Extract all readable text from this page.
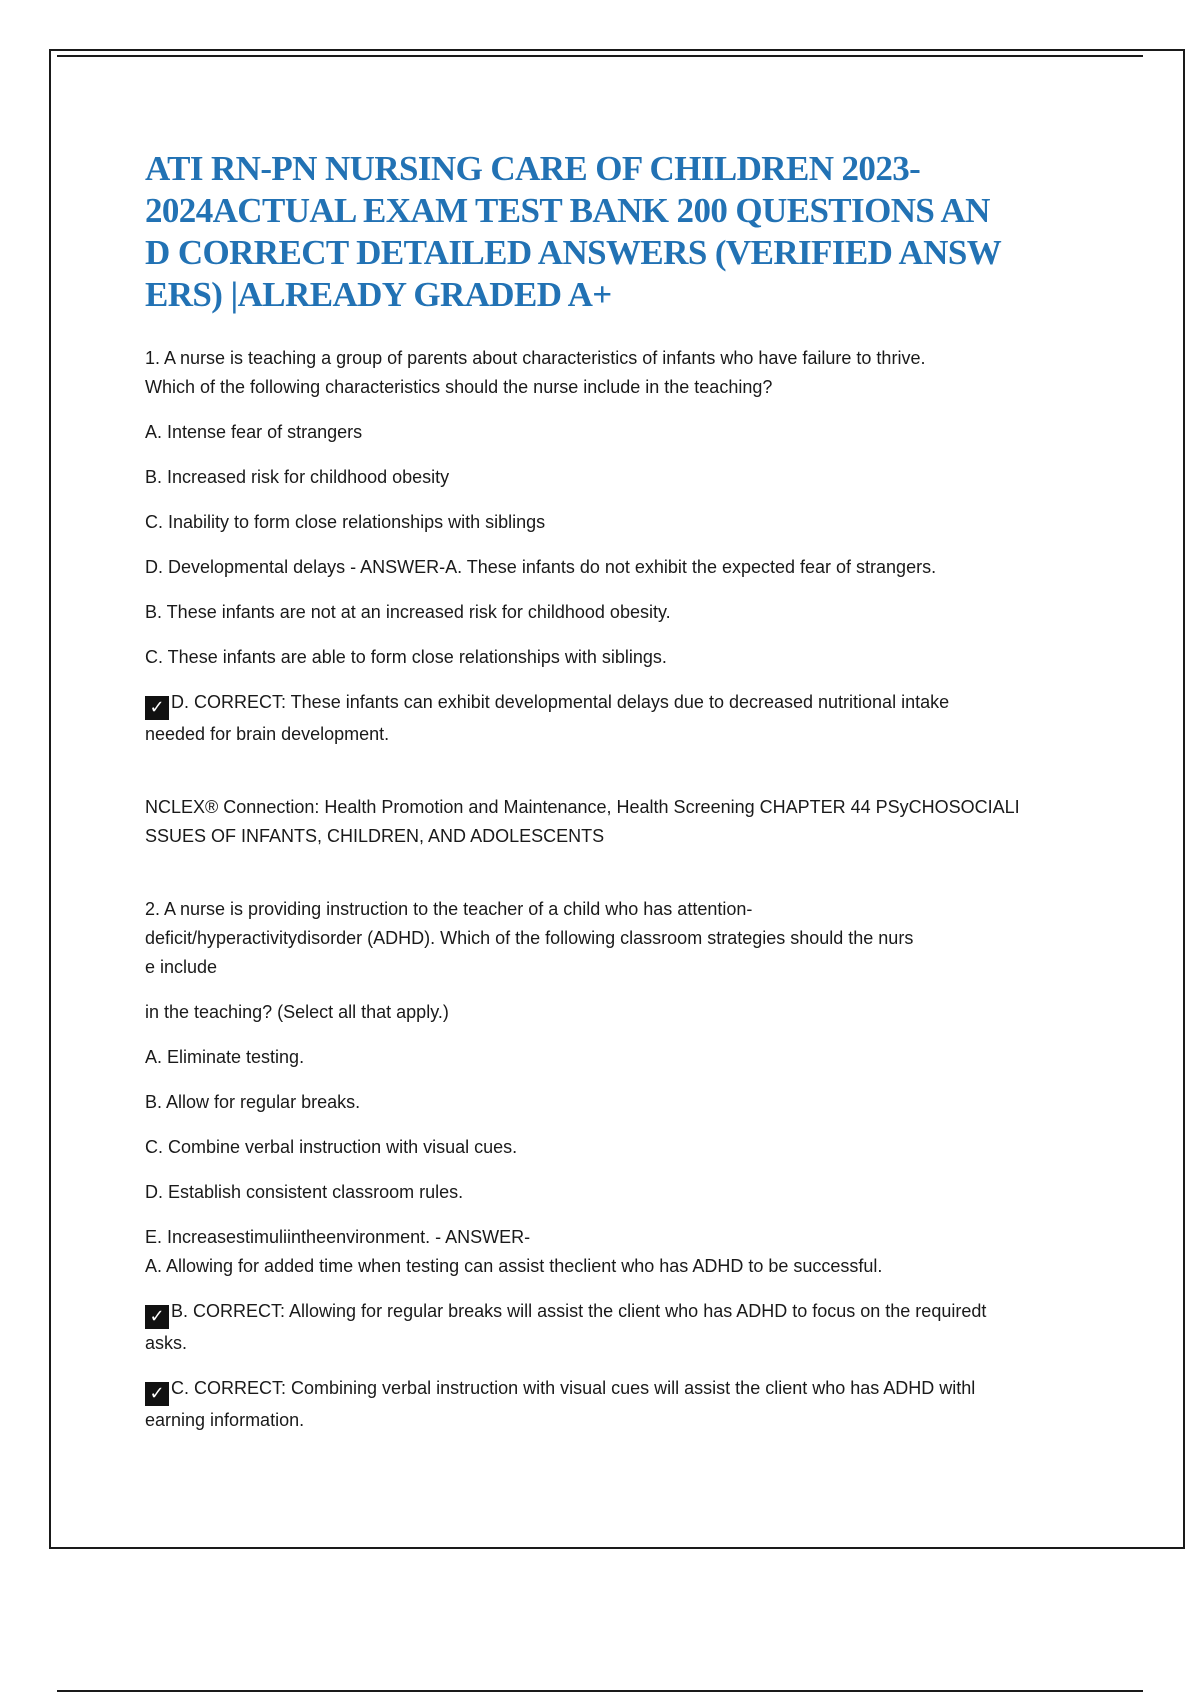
ATI RN-PN NURSING CARE OF CHILDREN 2023-
2024ACTUAL EXAM TEST BANK 200 QUESTIONS AN
D CORRECT DETAILED ANSWERS (VERIFIED ANSW
ERS) |ALREADY GRADED A+
1. A nurse is teaching a group of parents about characteristics of infants who have failure to thrive.
Which of the following characteristics should the nurse include in the teaching?
A. Intense fear of strangers
B. Increased risk for childhood obesity
C. Inability to form close relationships with siblings
D. Developmental delays - ANSWER-A. These infants do not exhibit the expected fear of strangers.
B. These infants are not at an increased risk for childhood obesity.
C. These infants are able to form close relationships with siblings.
✓ D. CORRECT: These infants can exhibit developmental delays due to decreased nutritional intake
needed for brain development.
NCLEX® Connection: Health Promotion and Maintenance, Health Screening CHAPTER 44 PSyCHOSOCIALI
SSUES OF INFANTS, CHILDREN, AND ADOLESCENTS
2. A nurse is providing instruction to the teacher of a child who has attention-
deficit/hyperactivitydisorder (ADHD). Which of the following classroom strategies should the nurs
e include
in the teaching? (Select all that apply.)
A. Eliminate testing.
B. Allow for regular breaks.
C. Combine verbal instruction with visual cues.
D. Establish consistent classroom rules.
E. Increasestimuliintheenvironment. - ANSWER-
A. Allowing for added time when testing can assist theclient who has ADHD to be successful.
✓ B. CORRECT: Allowing for regular breaks will assist the client who has ADHD to focus on the requiredt
asks.
✓ C. CORRECT: Combining verbal instruction with visual cues will assist the client who has ADHD withl
earning information.
